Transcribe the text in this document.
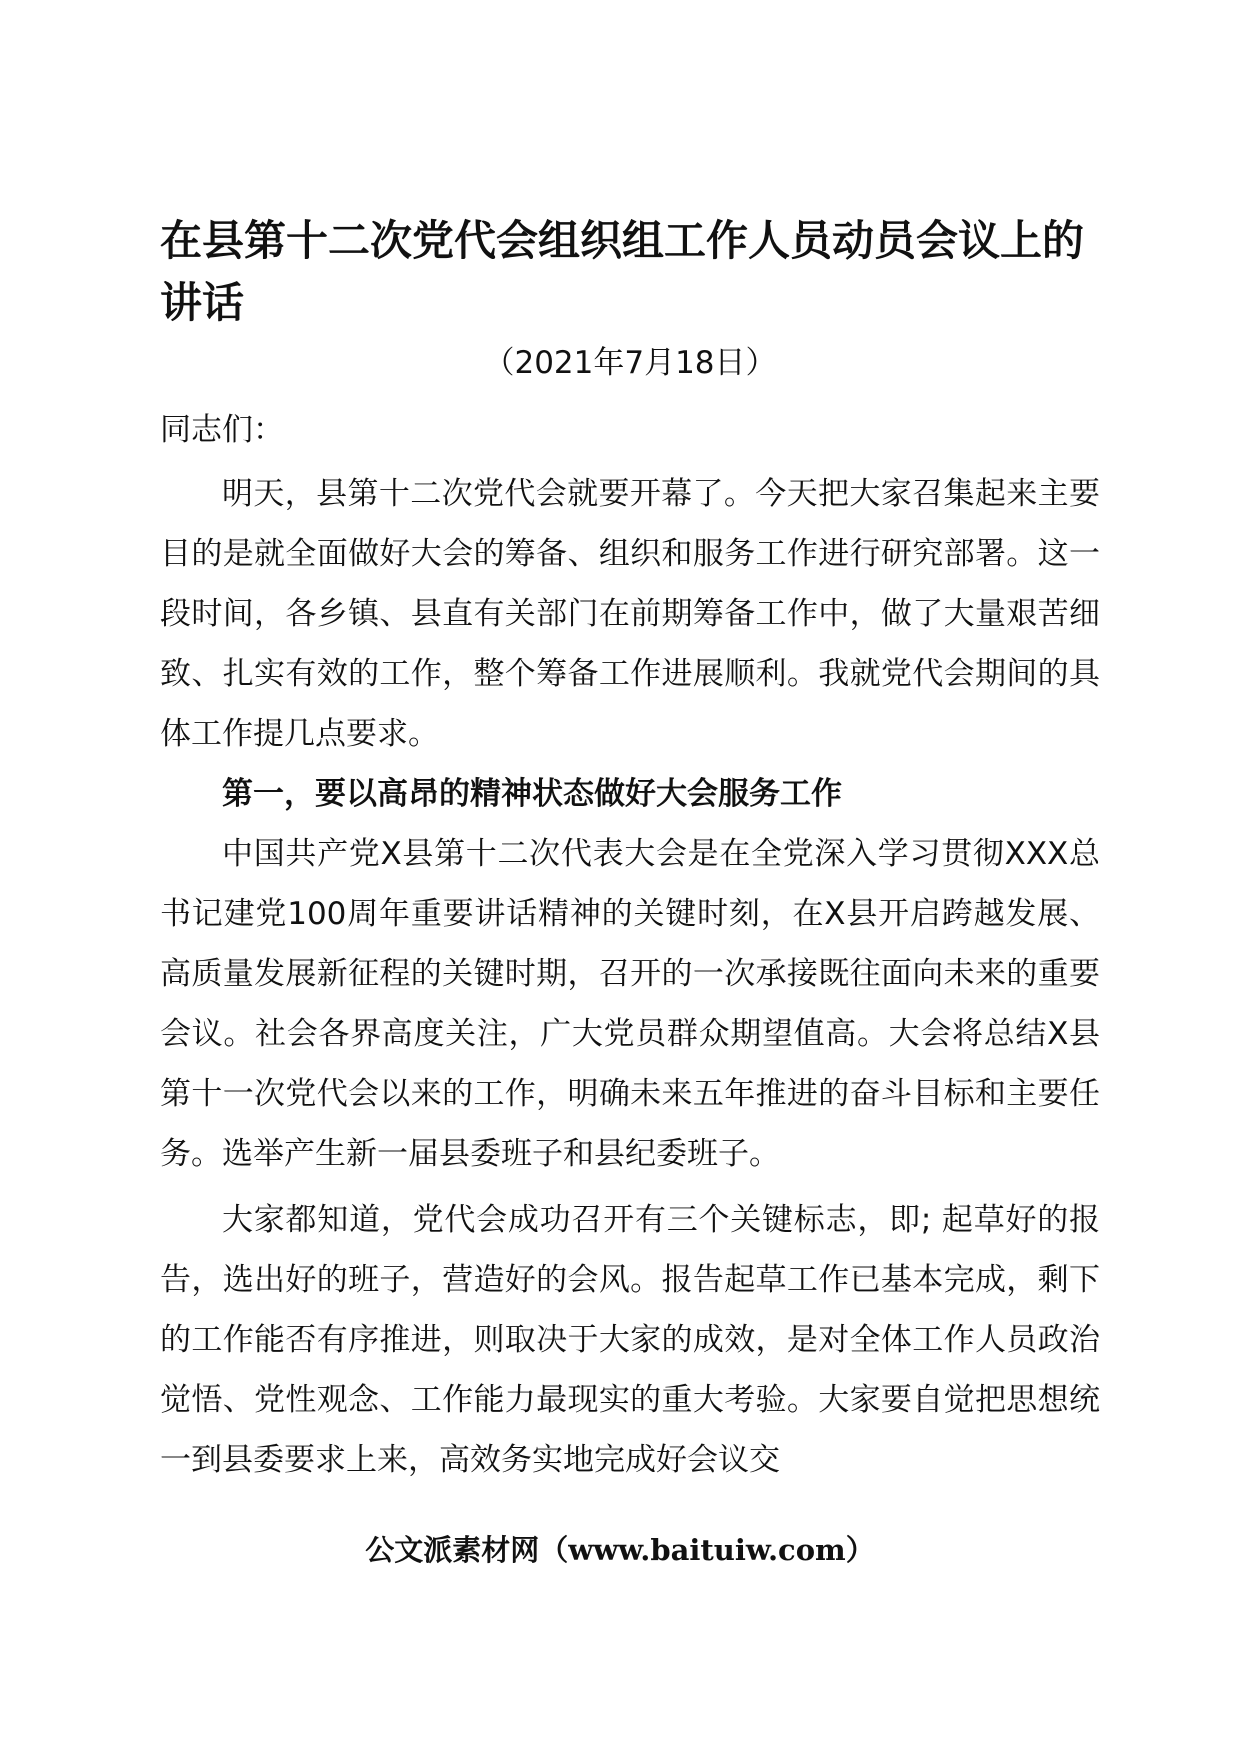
在县第十二次党代会组织组工作人员动员会议上的讲话
（2021年7月18日）

同志们：

明天，县第十二次党代会就要开幕了。今天把大家召集起来主要目的是就全面做好大会的筹备、组织和服务工作进行研究部署。这一段时间，各乡镇、县直有关部门在前期筹备工作中，做了大量艰苦细致、扎实有效的工作，整个筹备工作进展顺利。我就党代会期间的具体工作提几点要求。

第一，要以高昂的精神状态做好大会服务工作

中国共产党X县第十二次代表大会是在全党深入学习贯彻XXX总书记建党100周年重要讲话精神的关键时刻，在X县开启跨越发展、高质量发展新征程的关键时期，召开的一次承接既往面向未来的重要会议。社会各界高度关注，广大党员群众期望值高。大会将总结X县第十一次党代会以来的工作，明确未来五年推进的奋斗目标和主要任务。选举产生新一届县委班子和县纪委班子。

大家都知道，党代会成功召开有三个关键标志，即; 起草好的报告，选出好的班子，营造好的会风。报告起草工作已基本完成，剩下的工作能否有序推进，则取决于大家的成效，是对全体工作人员政治觉悟、党性观念、工作能力最现实的重大考验。大家要自觉把思想统一到县委要求上来，高效务实地完成好会议交

公文派素材网（www.baituiw.com）
